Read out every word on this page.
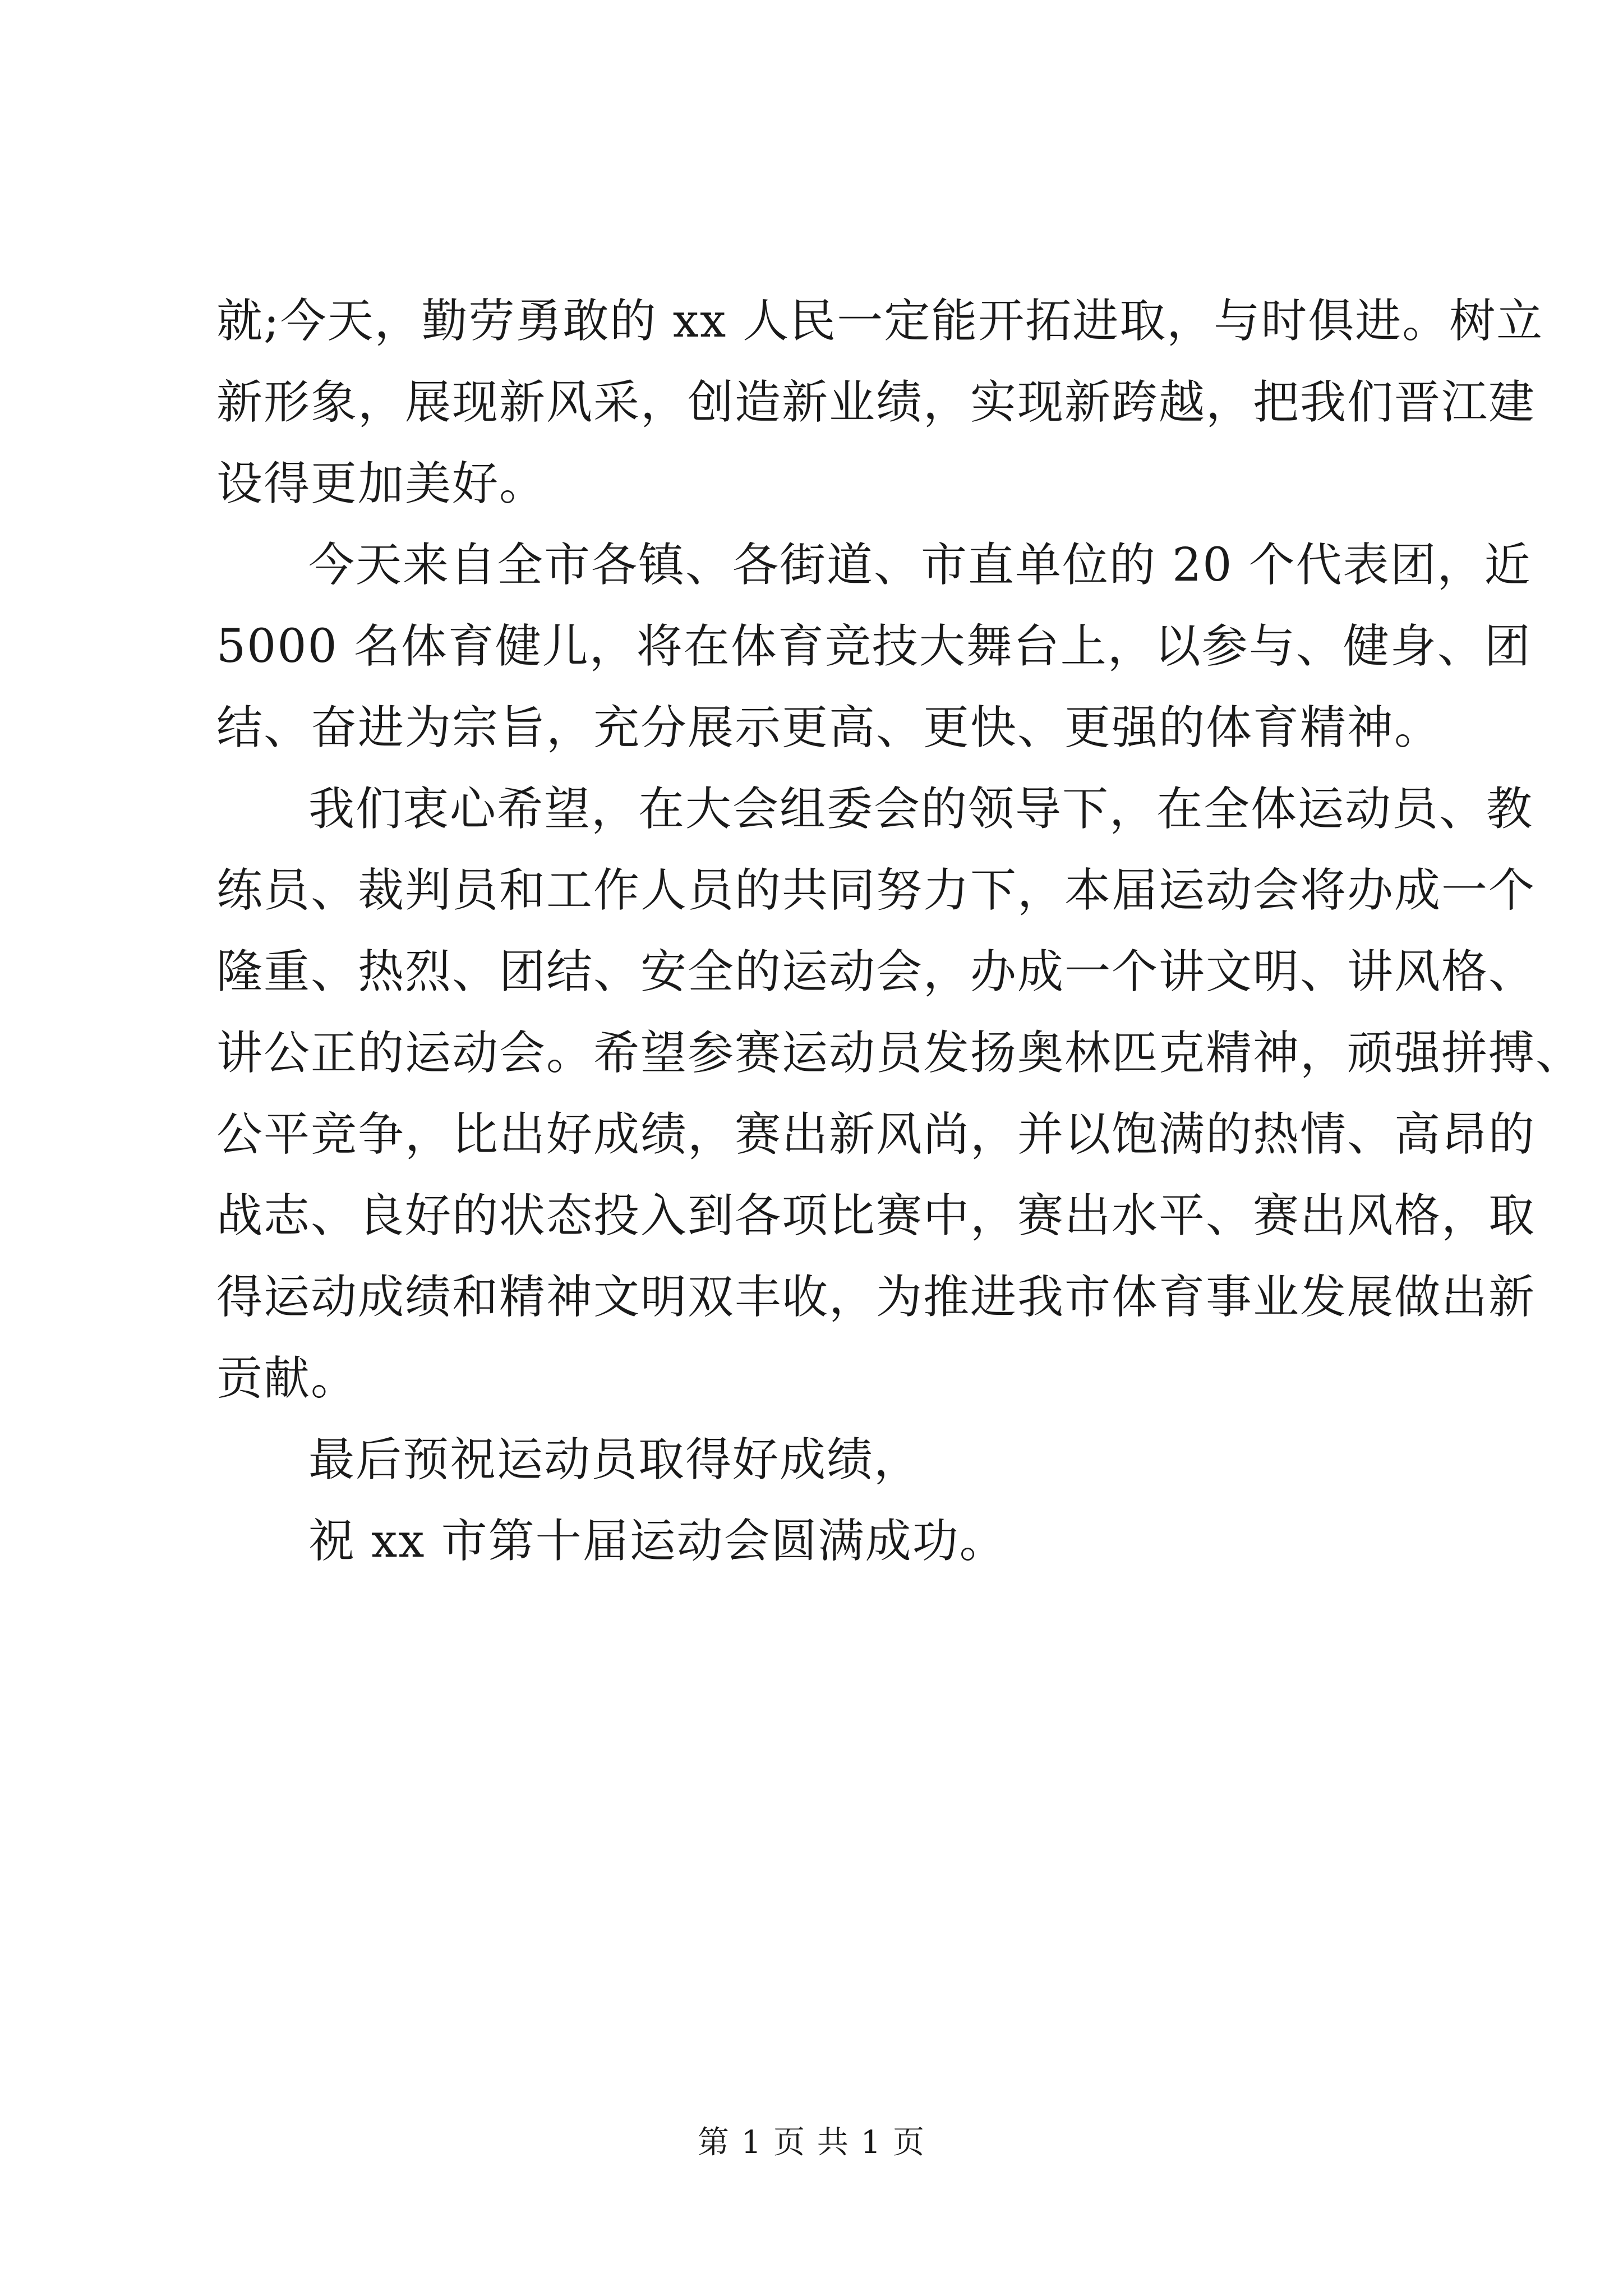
就;今天，勤劳勇敢的 xx 人民一定能开拓进取，与时俱进。树立
新形象，展现新风采，创造新业绩，实现新跨越，把我们晋江建
设得更加美好。
今天来自全市各镇、各街道、市直单位的 20 个代表团，近
5000 名体育健儿，将在体育竞技大舞台上，以参与、健身、团
结、奋进为宗旨，充分展示更高、更快、更强的体育精神。
我们衷心希望，在大会组委会的领导下，在全体运动员、教
练员、裁判员和工作人员的共同努力下，本届运动会将办成一个
隆重、热烈、团结、安全的运动会，办成一个讲文明、讲风格、
讲公正的运动会。希望参赛运动员发扬奥林匹克精神，顽强拼搏、
公平竞争，比出好成绩，赛出新风尚，并以饱满的热情、高昂的
战志、良好的状态投入到各项比赛中，赛出水平、赛出风格，取
得运动成绩和精神文明双丰收，为推进我市体育事业发展做出新
贡献。
最后预祝运动员取得好成绩，
祝 xx 市第十届运动会圆满成功。
第 1 页 共 1 页
